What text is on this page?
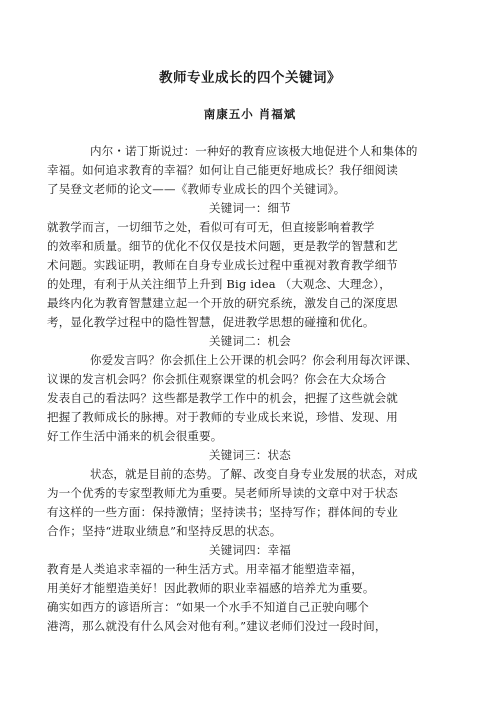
教师专业成长的四个关键词》

南康五小 肖福斌

内尔・诺丁斯说过：一种好的教育应该极大地促进个人和集体的

幸福。如何追求教育的幸福？如何让自己能更好地成长？我仔细阅读

了吴登文老师的论文——《教师专业成长的四个关键词》。

关键词一：细节

就教学而言，一切细节之处，看似可有可无，但直接影响着教学

的效率和质量。细节的优化不仅仅是技术问题，更是教学的智慧和艺

术问题。实践证明，教师在自身专业成长过程中重视对教育教学细节

的处理，有利于从关注细节上升到 Big idea （大观念、大理念），

最终内化为教育智慧建立起一个开放的研究系统，激发自己的深度思

考，显化教学过程中的隐性智慧，促进教学思想的碰撞和优化。

关键词二：机会

你爱发言吗？你会抓住上公开课的机会吗？你会利用每次评课、

议课的发言机会吗？你会抓住观察课堂的机会吗？你会在大众场合

发表自己的看法吗？这些都是教学工作中的机会，把握了这些就会就

把握了教师成长的脉搏。对于教师的专业成长来说，珍惜、发现、用

好工作生活中涌来的机会很重要。

关键词三：状态

状态，就是目前的态势。了解、改变自身专业发展的状态，对成

为一个优秀的专家型教师尤为重要。吴老师所导读的文章中对于状态

有这样的一些方面：保持激情；坚持读书；坚持写作；群体间的专业

合作；坚持“进取业绩息”和坚持反思的状态。

关键词四：幸福

教育是人类追求幸福的一种生活方式。用幸福才能塑造幸福，

用美好才能塑造美好！因此教师的职业幸福感的培养尤为重要。

确实如西方的谚语所言：“如果一个水手不知道自己正驶向哪个

港湾，那么就没有什么风会对他有利。”建议老师们没过一段时间，
